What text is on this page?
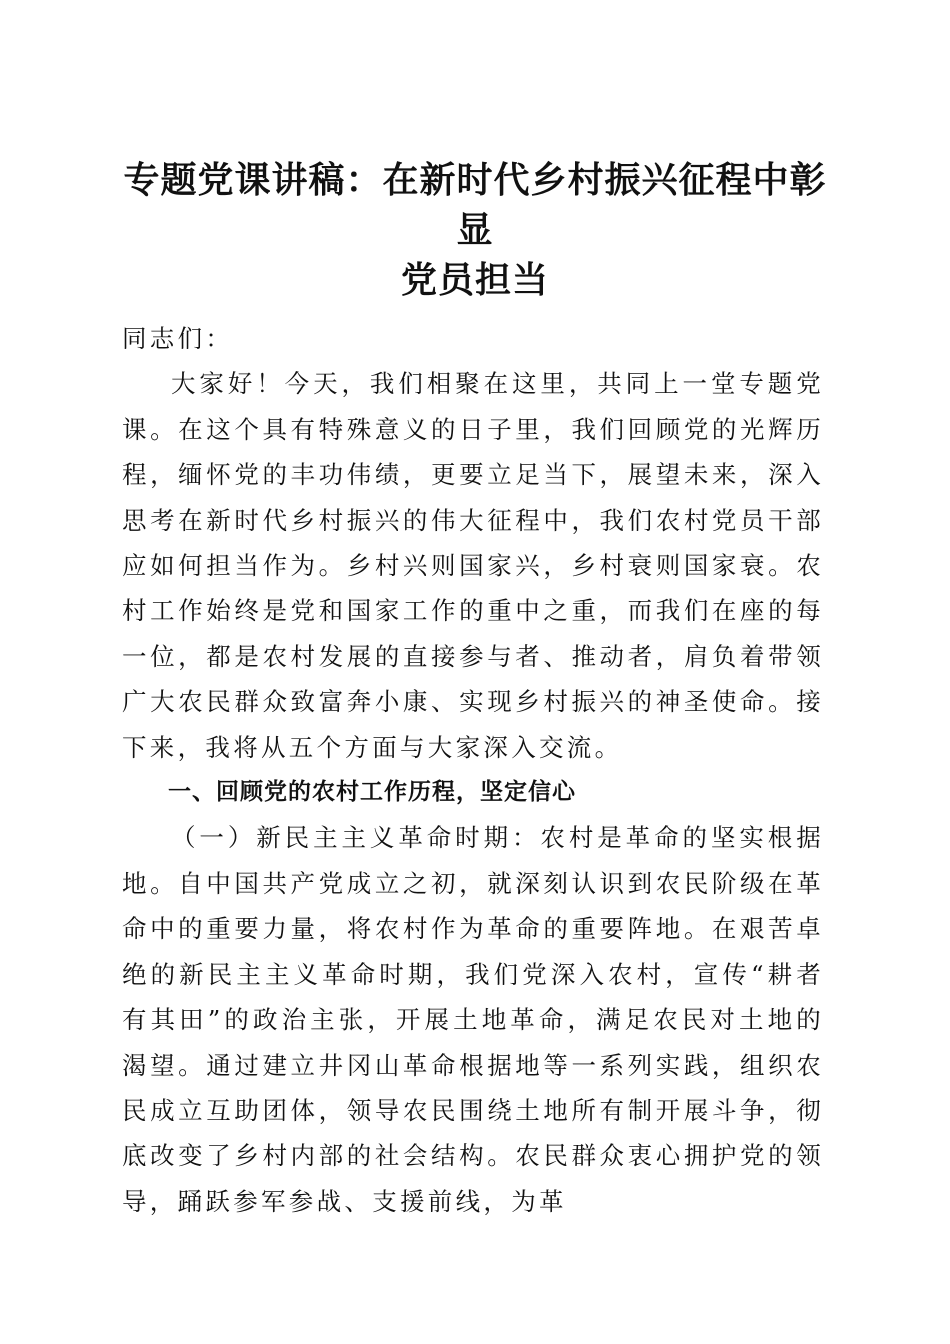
专题党课讲稿：在新时代乡村振兴征程中彰显
党员担当

同志们：

大家好！今天，我们相聚在这里，共同上一堂专题党课。在这个具有特殊意义的日子里，我们回顾党的光辉历程，缅怀党的丰功伟绩，更要立足当下，展望未来，深入思考在新时代乡村振兴的伟大征程中，我们农村党员干部应如何担当作为。乡村兴则国家兴，乡村衰则国家衰。农村工作始终是党和国家工作的重中之重，而我们在座的每一位，都是农村发展的直接参与者、推动者，肩负着带领广大农民群众致富奔小康、实现乡村振兴的神圣使命。接下来，我将从五个方面与大家深入交流。

一、回顾党的农村工作历程，坚定信心

（一）新民主主义革命时期：农村是革命的坚实根据地。自中国共产党成立之初，就深刻认识到农民阶级在革命中的重要力量，将农村作为革命的重要阵地。在艰苦卓绝的新民主主义革命时期，我们党深入农村，宣传“耕者有其田”的政治主张，开展土地革命，满足农民对土地的渴望。通过建立井冈山革命根据地等一系列实践，组织农民成立互助团体，领导农民围绕土地所有制开展斗争，彻底改变了乡村内部的社会结构。农民群众衷心拥护党的领导，踊跃参军参战、支援前线，为革
